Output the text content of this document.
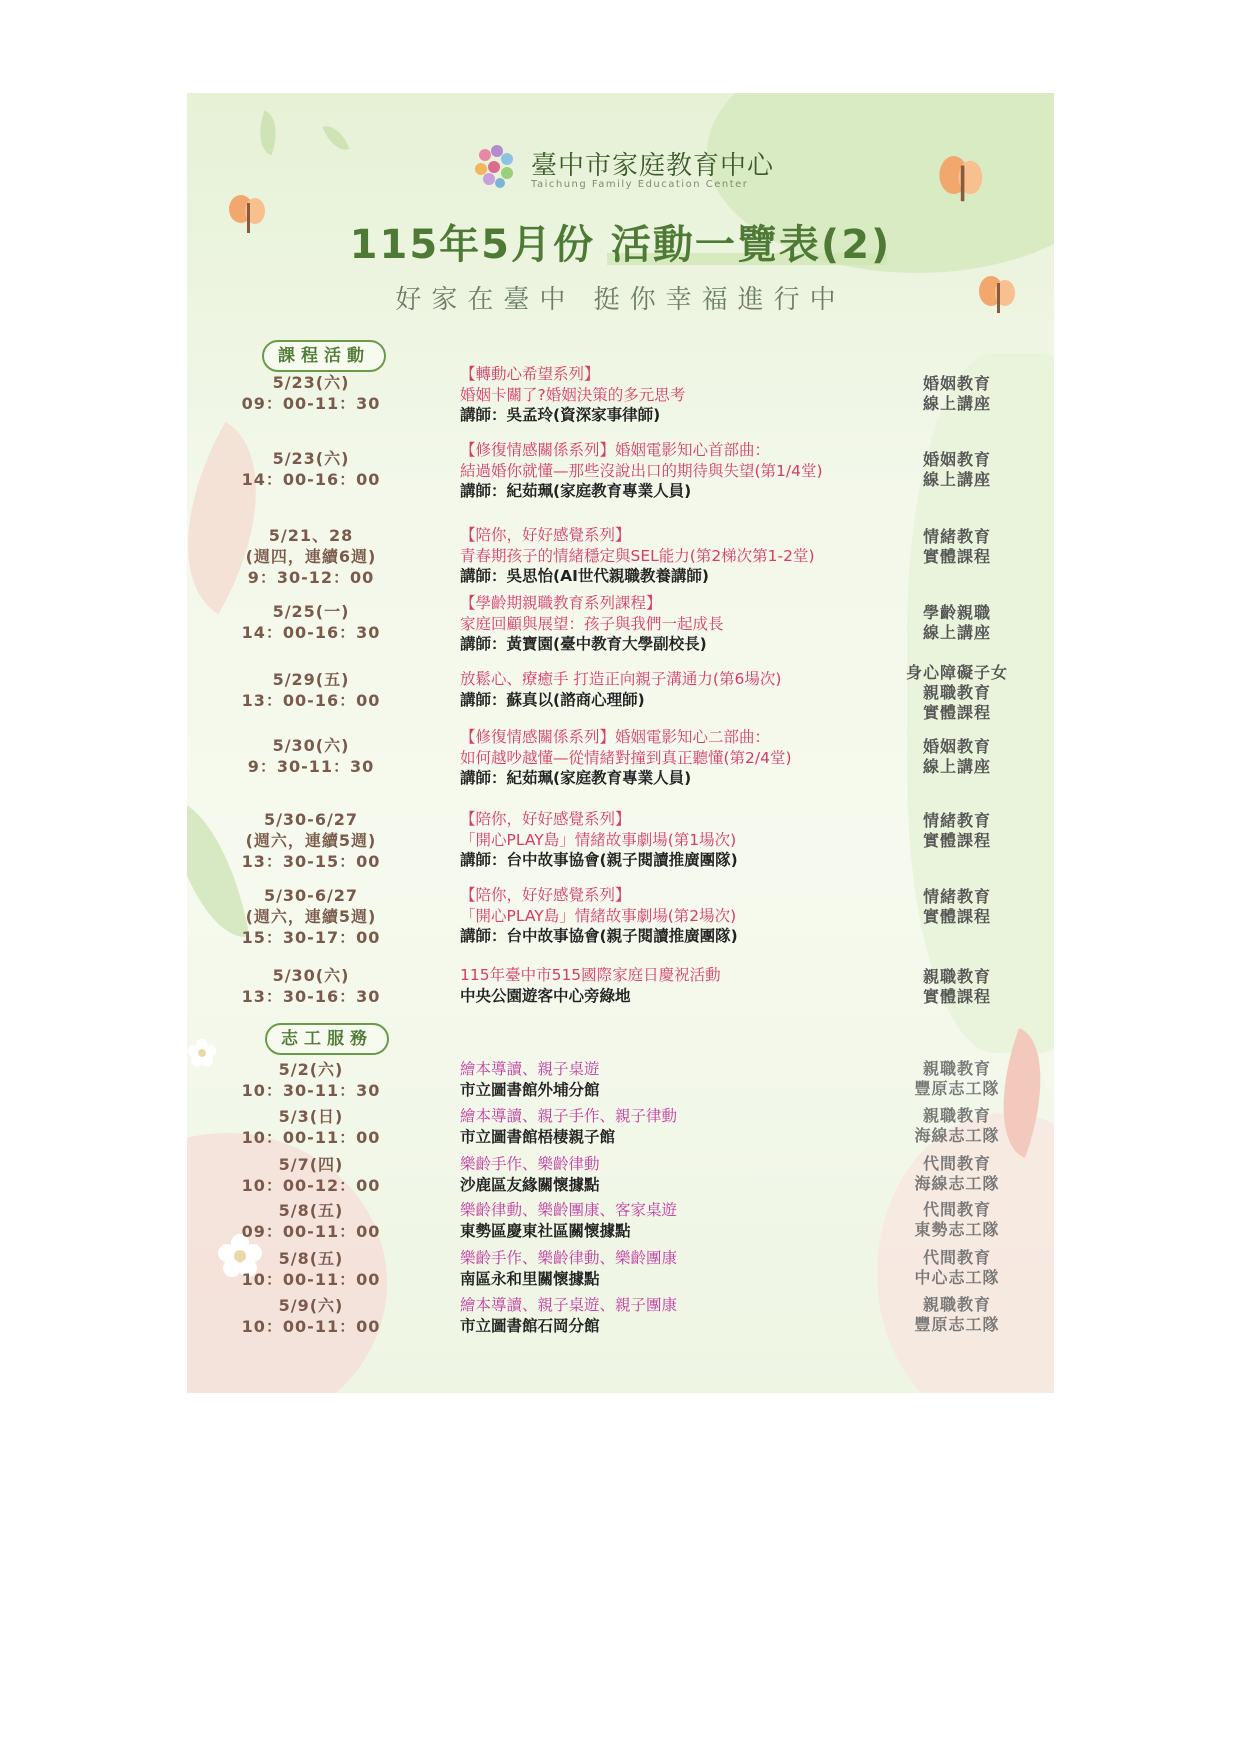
臺中市家庭教育中心
Taichung Family Education Center
115年5月份 活動一覽表(2)
好家在臺中 挺你幸福進行中
課程活動
5/23(六)
09：00-11：30
【轉動心希望系列】
婚姻卡關了?婚姻決策的多元思考
講師：吳孟玲(資深家事律師)
婚姻教育
線上講座
5/23(六)
14：00-16：00
【修復情感關係系列】婚姻電影知心首部曲：
結過婚你就懂—那些沒說出口的期待與失望(第1/4堂)
講師：紀茹珮(家庭教育專業人員)
婚姻教育
線上講座
5/21、28
(週四，連續6週)
9：30-12：00
【陪你，好好感覺系列】
青春期孩子的情緒穩定與SEL能力(第2梯次第1-2堂)
講師：吳思怡(AI世代親職教養講師)
情緒教育
實體課程
5/25(一)
14：00-16：30
【學齡期親職教育系列課程】
家庭回顧與展望：孩子與我們一起成長
講師：黃寶園(臺中教育大學副校長)
學齡親職
線上講座
5/29(五)
13：00-16：00
放鬆心、療癒手 打造正向親子溝通力(第6場次)
講師：蘇真以(諮商心理師)
身心障礙子女
親職教育
實體課程
5/30(六)
9：30-11：30
【修復情感關係系列】婚姻電影知心二部曲：
如何越吵越懂—從情緒對撞到真正聽懂(第2/4堂)
講師：紀茹珮(家庭教育專業人員)
婚姻教育
線上講座
5/30-6/27
(週六，連續5週)
13：30-15：00
【陪你，好好感覺系列】
「開心PLAY島」情緒故事劇場(第1場次)
講師：台中故事協會(親子閱讀推廣團隊)
情緒教育
實體課程
5/30-6/27
(週六，連續5週)
15：30-17：00
【陪你，好好感覺系列】
「開心PLAY島」情緒故事劇場(第2場次)
講師：台中故事協會(親子閱讀推廣團隊)
情緒教育
實體課程
5/30(六)
13：30-16：30
115年臺中市515國際家庭日慶祝活動
中央公園遊客中心旁綠地
親職教育
實體課程
志工服務
5/2(六)
10：30-11：30
繪本導讀、親子桌遊
市立圖書館外埔分館
親職教育
豐原志工隊
5/3(日)
10：00-11：00
繪本導讀、親子手作、親子律動
市立圖書館梧棲親子館
親職教育
海線志工隊
5/7(四)
10：00-12：00
樂齡手作、樂齡律動
沙鹿區友緣關懷據點
代間教育
海線志工隊
5/8(五)
09：00-11：00
樂齡律動、樂齡團康、客家桌遊
東勢區慶東社區關懷據點
代間教育
東勢志工隊
5/8(五)
10：00-11：00
樂齡手作、樂齡律動、樂齡團康
南區永和里關懷據點
代間教育
中心志工隊
5/9(六)
10：00-11：00
繪本導讀、親子桌遊、親子團康
市立圖書館石岡分館
親職教育
豐原志工隊
